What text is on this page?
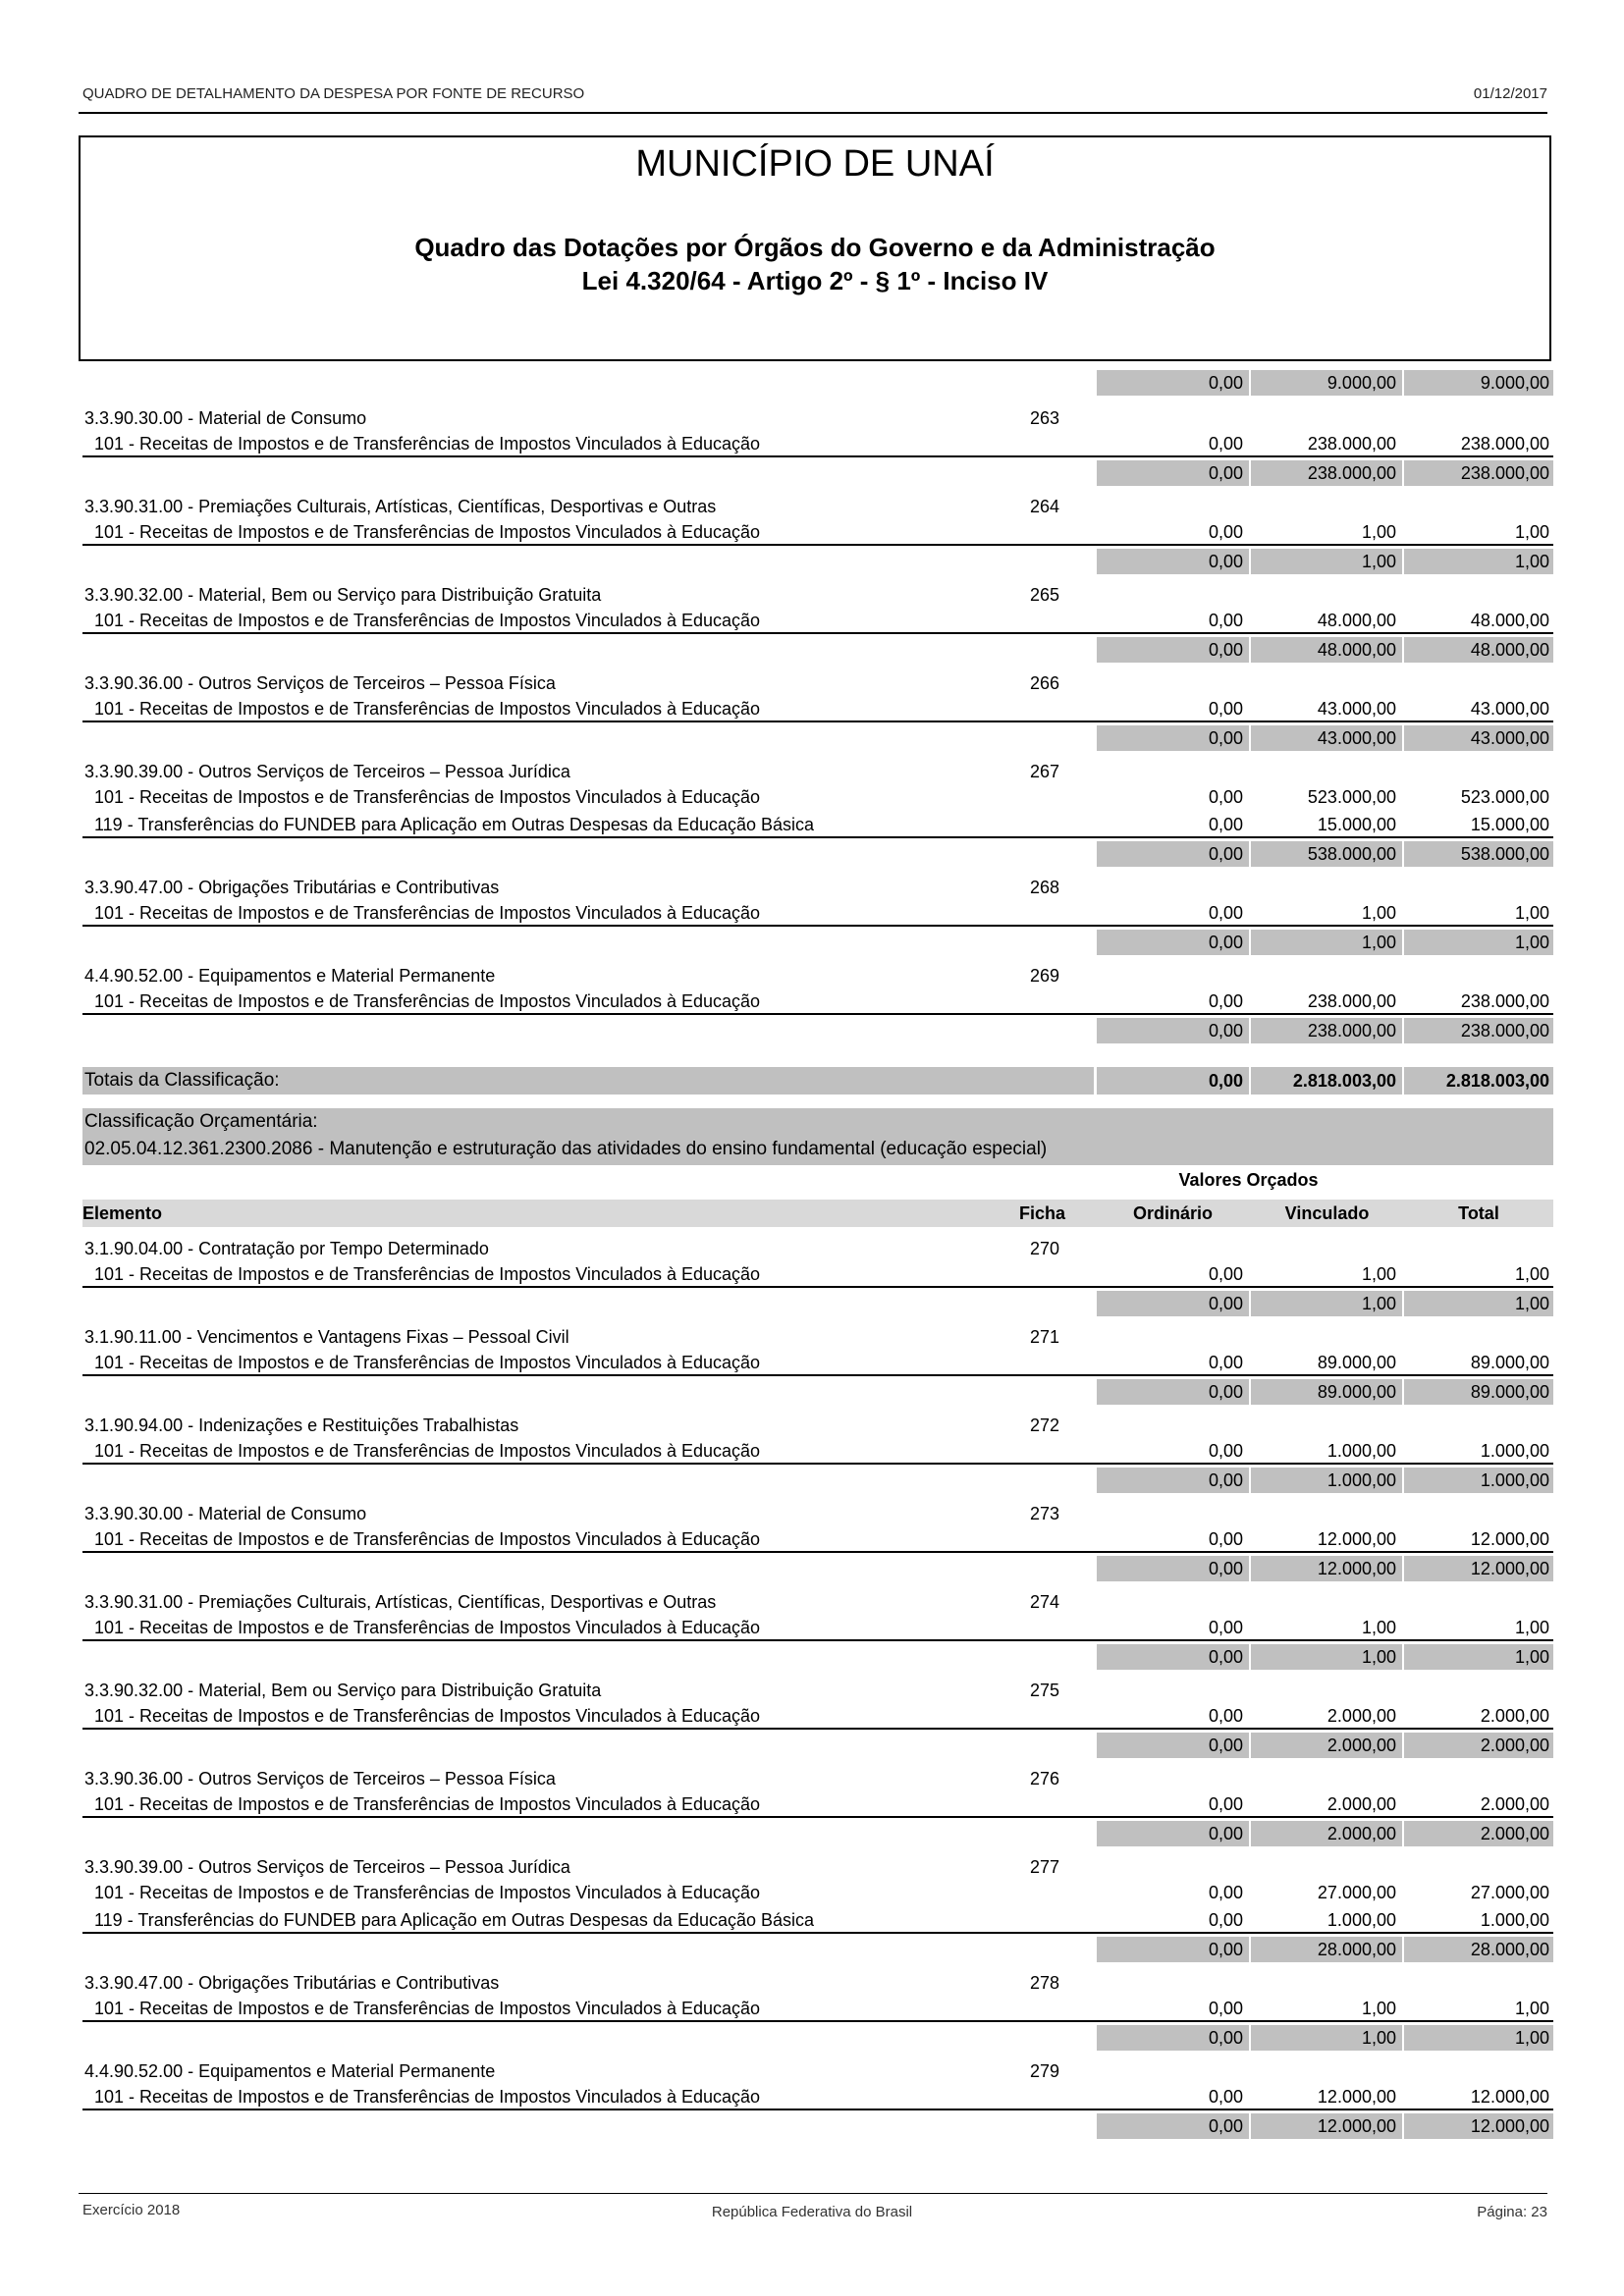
QUADRO DE DETALHAMENTO DA DESPESA POR FONTE DE RECURSO	01/12/2017
MUNICÍPIO DE UNAÍ
Quadro das Dotações por Órgãos do Governo e da Administração
Lei 4.320/64 - Artigo 2º - § 1º - Inciso IV
0,00	9.000,00	9.000,00
3.3.90.30.00 - Material de Consumo	263
101 - Receitas de Impostos e de Transferências de Impostos Vinculados à Educação	0,00	238.000,00	238.000,00
0,00	238.000,00	238.000,00
3.3.90.31.00 - Premiações Culturais, Artísticas, Científicas, Desportivas e Outras	264
101 - Receitas de Impostos e de Transferências de Impostos Vinculados à Educação	0,00	1,00	1,00
0,00	1,00	1,00
3.3.90.32.00 - Material, Bem ou Serviço para Distribuição Gratuita	265
101 - Receitas de Impostos e de Transferências de Impostos Vinculados à Educação	0,00	48.000,00	48.000,00
0,00	48.000,00	48.000,00
3.3.90.36.00 - Outros Serviços de Terceiros – Pessoa Física	266
101 - Receitas de Impostos e de Transferências de Impostos Vinculados à Educação	0,00	43.000,00	43.000,00
0,00	43.000,00	43.000,00
3.3.90.39.00 - Outros Serviços de Terceiros – Pessoa Jurídica	267
101 - Receitas de Impostos e de Transferências de Impostos Vinculados à Educação	0,00	523.000,00	523.000,00
119 - Transferências do FUNDEB para Aplicação em Outras Despesas da Educação Básica	0,00	15.000,00	15.000,00
0,00	538.000,00	538.000,00
3.3.90.47.00 - Obrigações Tributárias e Contributivas	268
101 - Receitas de Impostos e de Transferências de Impostos Vinculados à Educação	0,00	1,00	1,00
0,00	1,00	1,00
4.4.90.52.00 - Equipamentos e Material Permanente	269
101 - Receitas de Impostos e de Transferências de Impostos Vinculados à Educação	0,00	238.000,00	238.000,00
0,00	238.000,00	238.000,00
Totais da Classificação:	0,00	2.818.003,00	2.818.003,00
Classificação Orçamentária:
02.05.04.12.361.2300.2086 - Manutenção e estruturação das atividades do ensino fundamental (educação especial)
Valores Orçados
Elemento	Ficha	Ordinário	Vinculado	Total
3.1.90.04.00 - Contratação por Tempo Determinado	270
101 - Receitas de Impostos e de Transferências de Impostos Vinculados à Educação	0,00	1,00	1,00
0,00	1,00	1,00
3.1.90.11.00 - Vencimentos e Vantagens Fixas – Pessoal Civil	271
101 - Receitas de Impostos e de Transferências de Impostos Vinculados à Educação	0,00	89.000,00	89.000,00
0,00	89.000,00	89.000,00
3.1.90.94.00 - Indenizações e Restituições Trabalhistas	272
101 - Receitas de Impostos e de Transferências de Impostos Vinculados à Educação	0,00	1.000,00	1.000,00
0,00	1.000,00	1.000,00
3.3.90.30.00 - Material de Consumo	273
101 - Receitas de Impostos e de Transferências de Impostos Vinculados à Educação	0,00	12.000,00	12.000,00
0,00	12.000,00	12.000,00
3.3.90.31.00 - Premiações Culturais, Artísticas, Científicas, Desportivas e Outras	274
101 - Receitas de Impostos e de Transferências de Impostos Vinculados à Educação	0,00	1,00	1,00
0,00	1,00	1,00
3.3.90.32.00 - Material, Bem ou Serviço para Distribuição Gratuita	275
101 - Receitas de Impostos e de Transferências de Impostos Vinculados à Educação	0,00	2.000,00	2.000,00
0,00	2.000,00	2.000,00
3.3.90.36.00 - Outros Serviços de Terceiros – Pessoa Física	276
101 - Receitas de Impostos e de Transferências de Impostos Vinculados à Educação	0,00	2.000,00	2.000,00
0,00	2.000,00	2.000,00
3.3.90.39.00 - Outros Serviços de Terceiros – Pessoa Jurídica	277
101 - Receitas de Impostos e de Transferências de Impostos Vinculados à Educação	0,00	27.000,00	27.000,00
119 - Transferências do FUNDEB para Aplicação em Outras Despesas da Educação Básica	0,00	1.000,00	1.000,00
0,00	28.000,00	28.000,00
3.3.90.47.00 - Obrigações Tributárias e Contributivas	278
101 - Receitas de Impostos e de Transferências de Impostos Vinculados à Educação	0,00	1,00	1,00
0,00	1,00	1,00
4.4.90.52.00 - Equipamentos e Material Permanente	279
101 - Receitas de Impostos e de Transferências de Impostos Vinculados à Educação	0,00	12.000,00	12.000,00
0,00	12.000,00	12.000,00
Exercício 2018	República Federativa do Brasil	Página: 23
